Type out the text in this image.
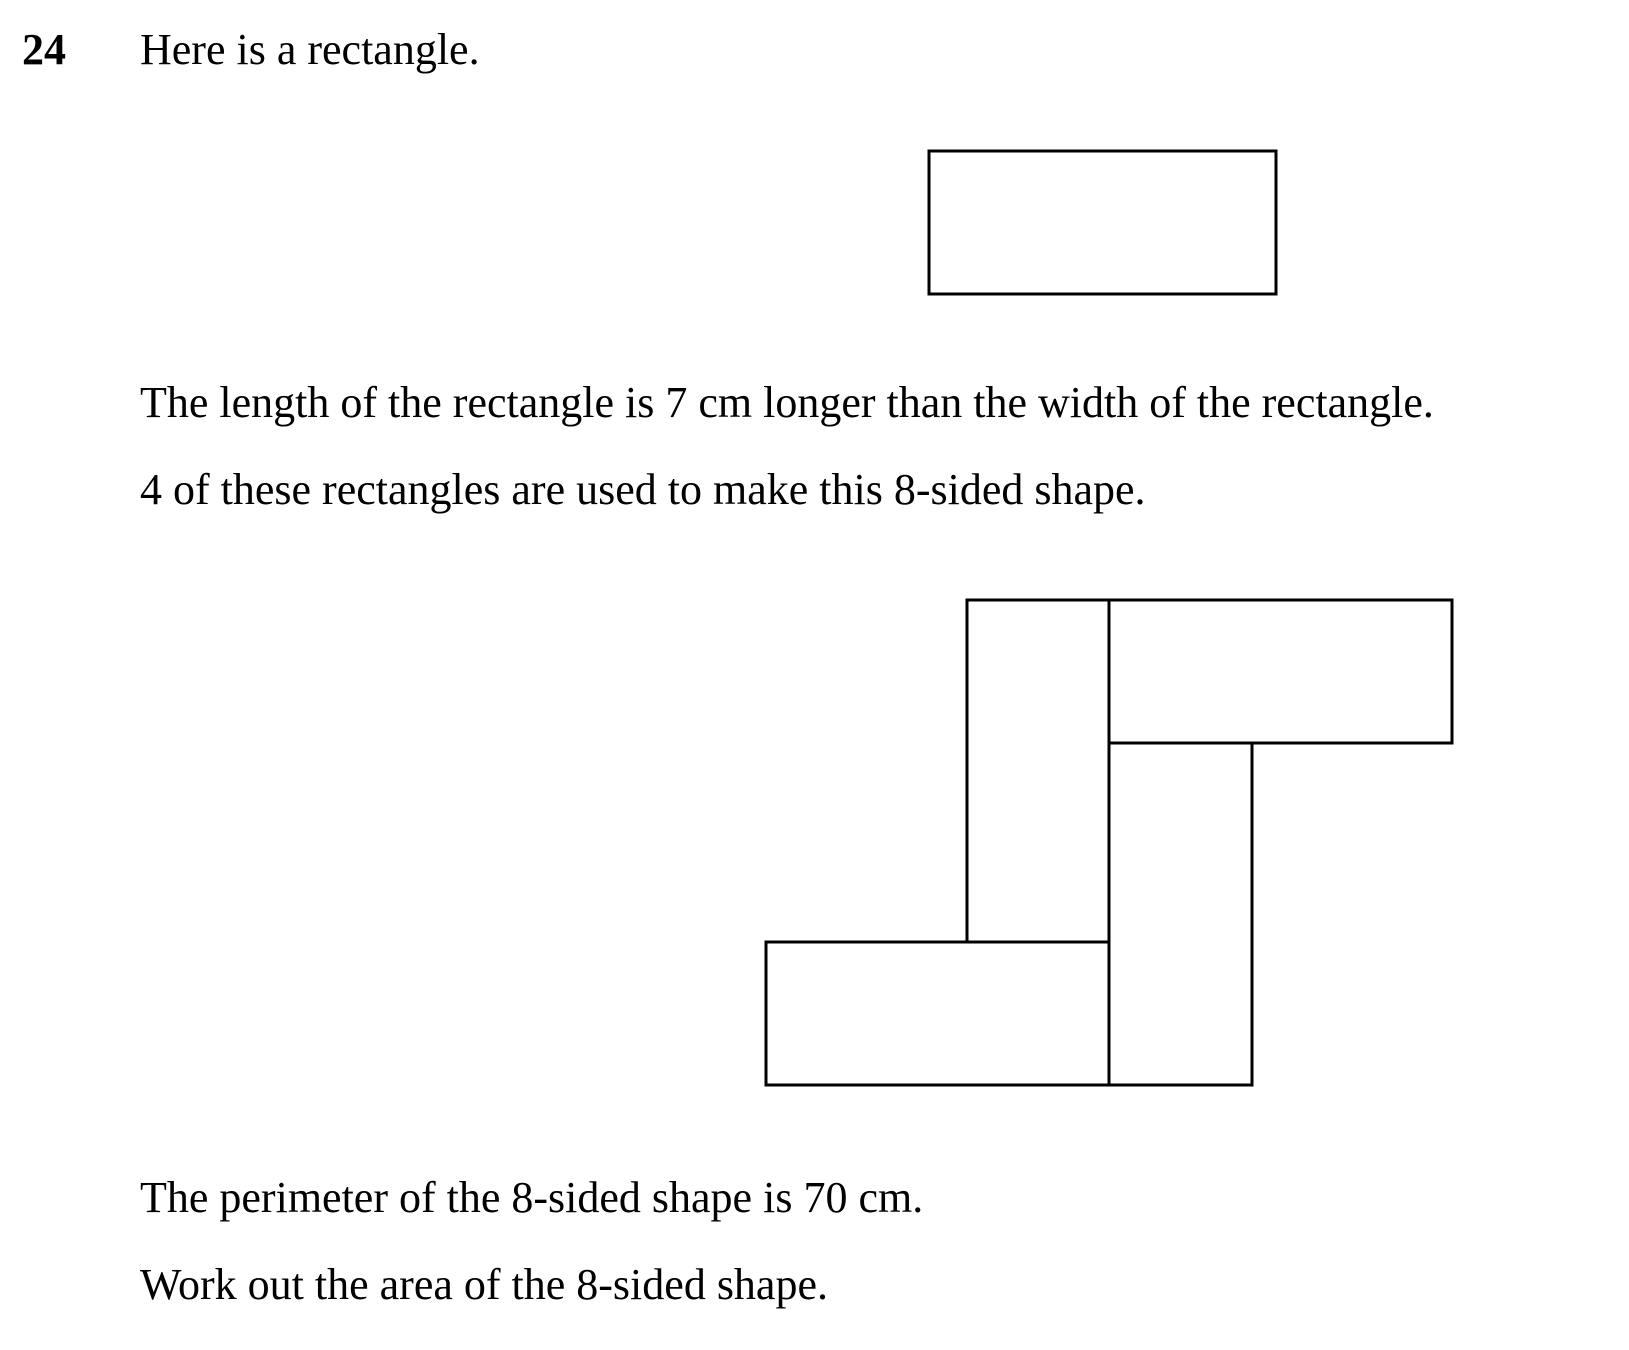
24 Here is a rectangle.
The length of the rectangle is 7 cm longer than the width of the rectangle.
4 of these rectangles are used to make this 8-sided shape.
The perimeter of the 8-sided shape is 70 cm.
Work out the area of the 8-sided shape.
